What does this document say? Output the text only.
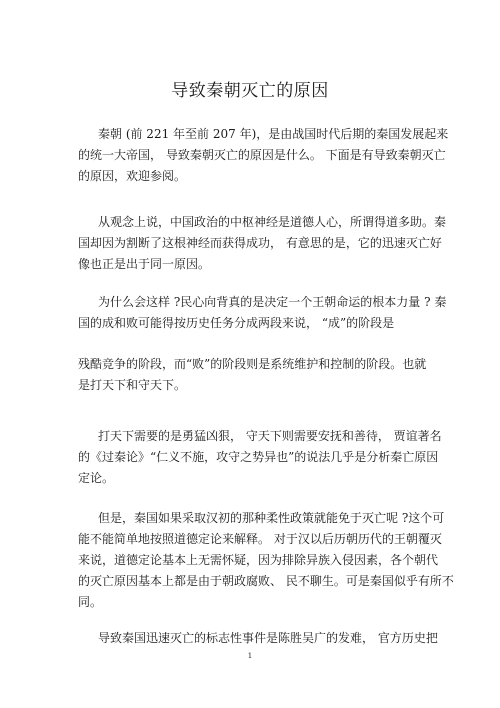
导致秦朝灭亡的原因
秦朝 (前 221 年至前 207 年)，是由战国时代后期的秦国发展起来
的统一大帝国， 导致秦朝灭亡的原因是什么。 下面是有导致秦朝灭亡
的原因，欢迎参阅。
从观念上说，中国政治的中枢神经是道德人心，所谓得道多助。秦
国却因为割断了这根神经而获得成功， 有意思的是，它的迅速灭亡好
像也正是出于同一原因。
为什么会这样 ?民心向背真的是决定一个王朝命运的根本力量 ? 秦
国的成和败可能得按历史任务分成两段来说， “成”的阶段是
残酷竞争的阶段，而“败”的阶段则是系统维护和控制的阶段。也就
是打天下和守天下。
打天下需要的是勇猛凶狠， 守天下则需要安抚和善待， 贾谊著名
的《过秦论》“仁义不施，攻守之势异也”的说法几乎是分析秦亡原因
定论。
但是，秦国如果采取汉初的那种柔性政策就能免于灭亡呢 ?这个可
能不能简单地按照道德定论来解释。 对于汉以后历朝历代的王朝覆灭
来说，道德定论基本上无需怀疑，因为排除异族入侵因素，各个朝代
的灭亡原因基本上都是由于朝政腐败、 民不聊生。可是秦国似乎有所不
同。
导致秦国迅速灭亡的标志性事件是陈胜吴广的发难， 官方历史把
1
